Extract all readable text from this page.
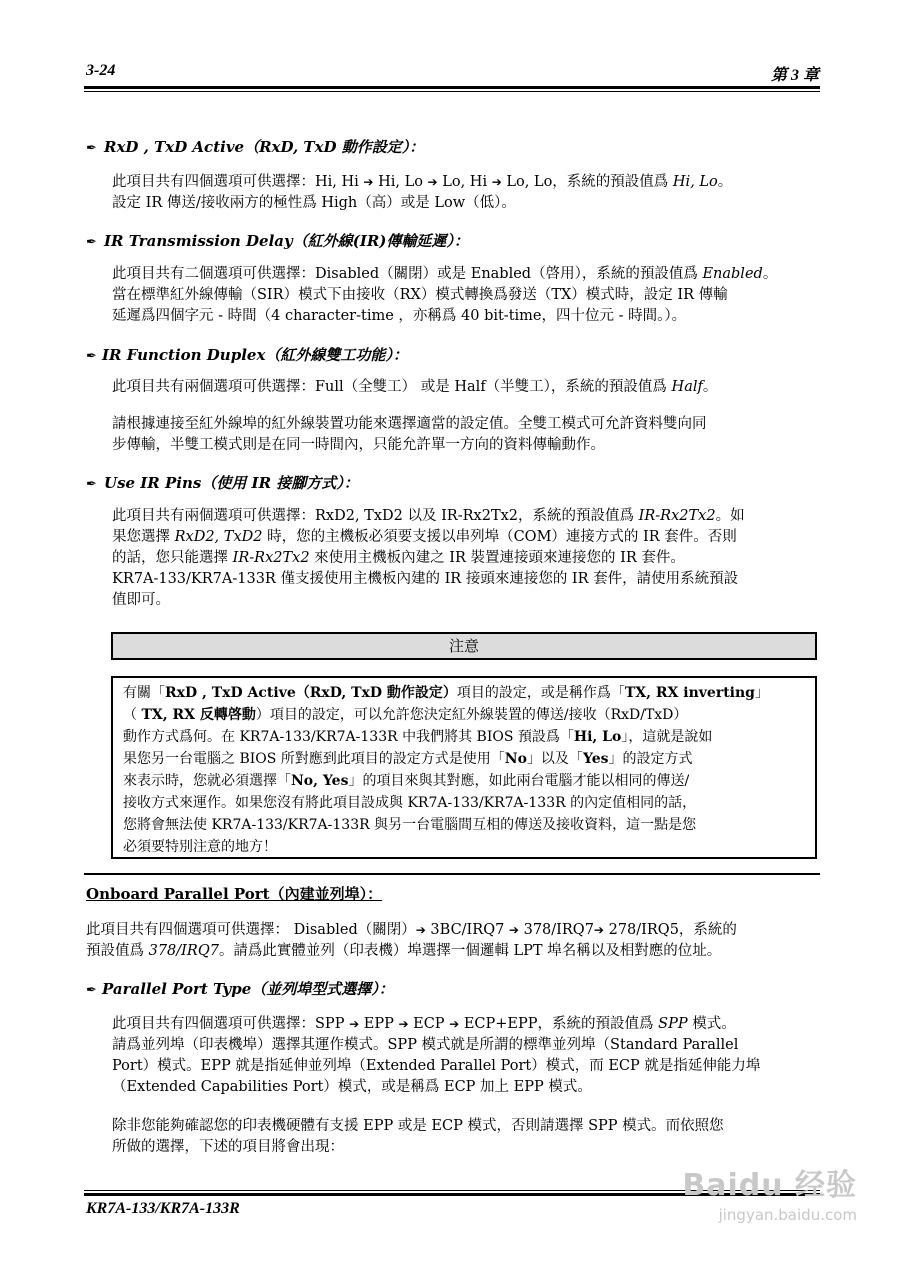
3-24	第 3 章
✒ RxD , TxD Active（RxD, TxD 動作設定）：
此項目共有四個選項可供選擇：Hi, Hi ➔ Hi, Lo ➔ Lo, Hi ➔ Lo, Lo，系統的預設值爲 Hi, Lo。
設定 IR 傳送/接收兩方的極性爲 High（高）或是 Low（低）。
✒ IR Transmission Delay（紅外線(IR)傳輸延遲）：
此項目共有二個選項可供選擇：Disabled（關閉）或是 Enabled（啓用），系統的預設值爲 Enabled。
當在標準紅外線傳輸（SIR）模式下由接收（RX）模式轉換爲發送（TX）模式時，設定 IR 傳輸
延遲爲四個字元 - 時間（4 character-time ，亦稱爲 40 bit-time，四十位元 - 時間。）。
✒ IR Function Duplex（紅外線雙工功能）：
此項目共有兩個選項可供選擇：Full（全雙工） 或是 Half（半雙工），系統的預設值爲 Half。
請根據連接至紅外線埠的紅外線裝置功能來選擇適當的設定值。全雙工模式可允許資料雙向同
步傳輸，半雙工模式則是在同一時間內，只能允許單一方向的資料傳輸動作。
✒ Use IR Pins（使用 IR 接腳方式）：
此項目共有兩個選項可供選擇：RxD2, TxD2 以及 IR-Rx2Tx2，系統的預設值爲 IR-Rx2Tx2。如
果您選擇 RxD2, TxD2 時，您的主機板必須要支援以串列埠（COM）連接方式的 IR 套件。否則
的話，您只能選擇 IR-Rx2Tx2 來使用主機板內建之 IR 裝置連接頭來連接您的 IR 套件。
KR7A-133/KR7A-133R 僅支援使用主機板內建的 IR 接頭來連接您的 IR 套件，請使用系統預設
值即可。
注意
有關「RxD , TxD Active（RxD, TxD 動作設定）項目的設定，或是稱作爲「TX, RX inverting」
（ TX, RX 反轉啓動）項目的設定，可以允許您決定紅外線裝置的傳送/接收（RxD/TxD）
動作方式爲何。在 KR7A-133/KR7A-133R 中我們將其 BIOS 預設爲「Hi, Lo」，這就是說如
果您另一台電腦之 BIOS 所對應到此項目的設定方式是使用「No」以及「Yes」的設定方式
來表示時，您就必須選擇「No, Yes」的項目來與其對應，如此兩台電腦才能以相同的傳送/
接收方式來運作。如果您沒有將此項目設成與 KR7A-133/KR7A-133R 的內定值相同的話，
您將會無法使 KR7A-133/KR7A-133R 與另一台電腦間互相的傳送及接收資料，這一點是您
必須要特別注意的地方！
Onboard Parallel Port（內建並列埠）：
此項目共有四個選項可供選擇： Disabled（關閉）➔ 3BC/IRQ7 ➔ 378/IRQ7➔ 278/IRQ5，系統的
預設值爲 378/IRQ7。請爲此實體並列（印表機）埠選擇一個邏輯 LPT 埠名稱以及相對應的位址。
✒ Parallel Port Type（並列埠型式選擇）：
此項目共有四個選項可供選擇：SPP ➔ EPP ➔ ECP ➔ ECP+EPP，系統的預設值爲 SPP 模式。
請爲並列埠（印表機埠）選擇其運作模式。SPP 模式就是所謂的標準並列埠（Standard Parallel
Port）模式。EPP 就是指延伸並列埠（Extended Parallel Port）模式，而 ECP 就是指延伸能力埠
（Extended Capabilities Port）模式，或是稱爲 ECP 加上 EPP 模式。
除非您能夠確認您的印表機硬體有支援 EPP 或是 ECP 模式，否則請選擇 SPP 模式。而依照您
所做的選擇，下述的項目將會出現：
KR7A-133/KR7A-133R
Baidu 经验
jingyan.baidu.com
